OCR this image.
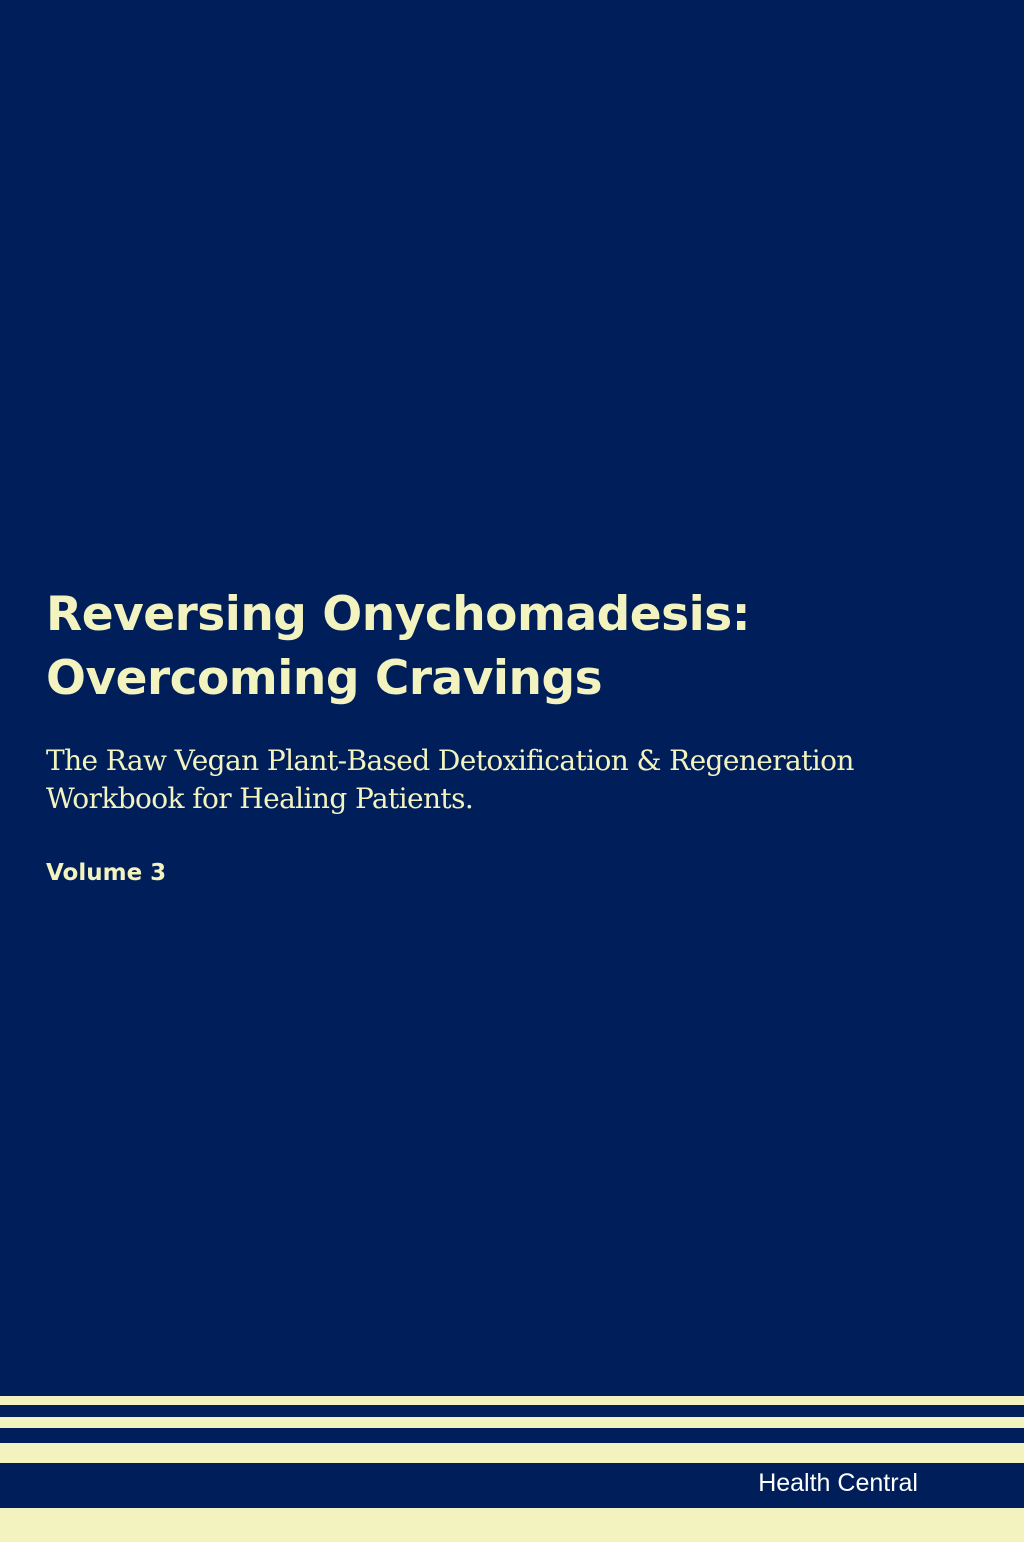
Reversing Onychomadesis:
Overcoming Cravings
The Raw Vegan Plant-Based Detoxification & Regeneration
Workbook for Healing Patients.
Volume 3
Health Central
